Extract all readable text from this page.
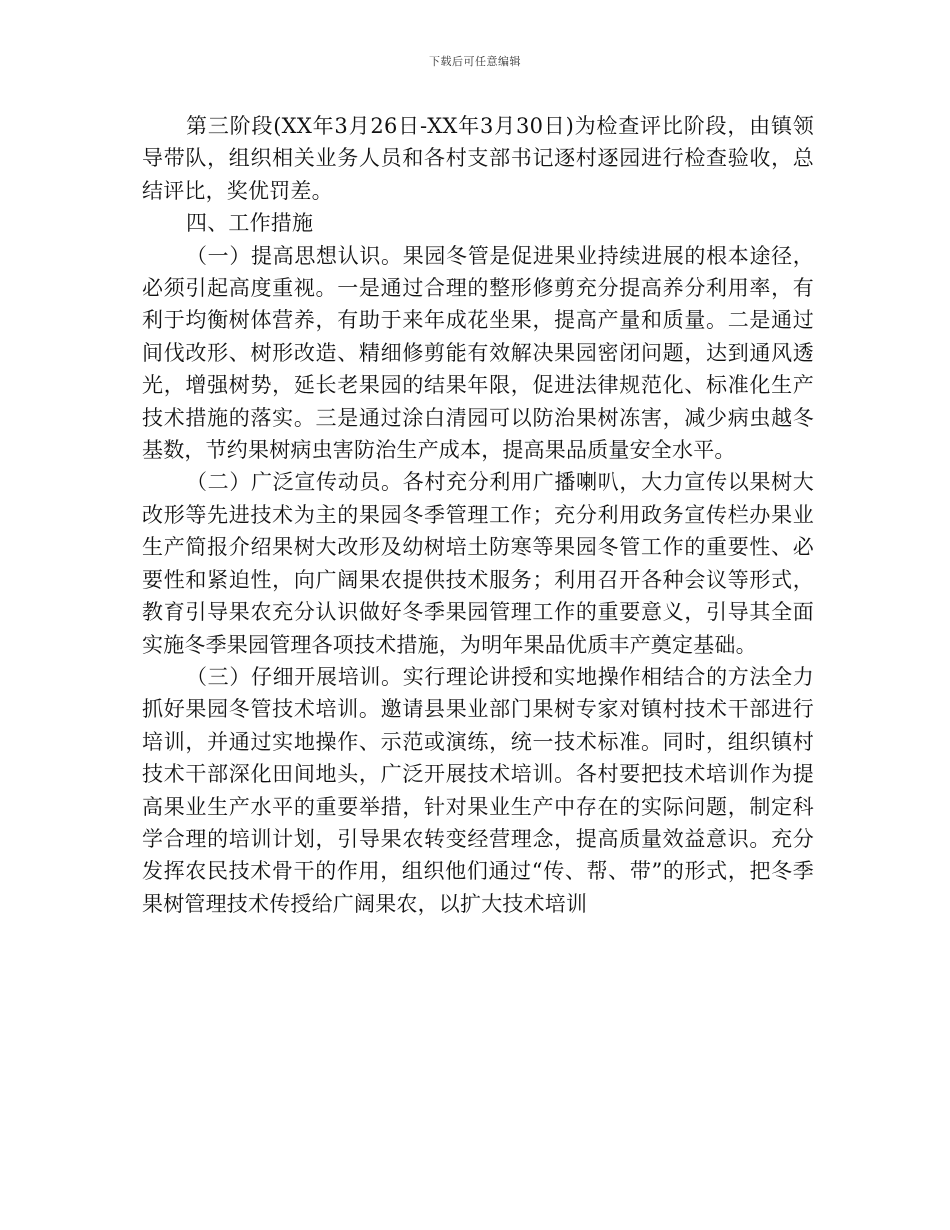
下载后可任意编辑

第三阶段(XX年3月26日-XX年3月30日)为检查评比阶段，由镇领导带队，组织相关业务人员和各村支部书记逐村逐园进行检查验收，总结评比，奖优罚差。

四、工作措施

（一）提高思想认识。果园冬管是促进果业持续进展的根本途径，必须引起高度重视。一是通过合理的整形修剪充分提高养分利用率，有利于均衡树体营养，有助于来年成花坐果，提高产量和质量。二是通过间伐改形、树形改造、精细修剪能有效解决果园密闭问题，达到通风透光，增强树势，延长老果园的结果年限，促进法律规范化、标准化生产技术措施的落实。三是通过涂白清园可以防治果树冻害，减少病虫越冬基数，节约果树病虫害防治生产成本，提高果品质量安全水平。

（二）广泛宣传动员。各村充分利用广播喇叭，大力宣传以果树大改形等先进技术为主的果园冬季管理工作；充分利用政务宣传栏办果业生产简报介绍果树大改形及幼树培土防寒等果园冬管工作的重要性、必要性和紧迫性，向广阔果农提供技术服务；利用召开各种会议等形式，教育引导果农充分认识做好冬季果园管理工作的重要意义，引导其全面实施冬季果园管理各项技术措施，为明年果品优质丰产奠定基础。

（三）仔细开展培训。实行理论讲授和实地操作相结合的方法全力抓好果园冬管技术培训。邀请县果业部门果树专家对镇村技术干部进行培训，并通过实地操作、示范或演练，统一技术标准。同时，组织镇村技术干部深化田间地头，广泛开展技术培训。各村要把技术培训作为提高果业生产水平的重要举措，针对果业生产中存在的实际问题，制定科学合理的培训计划，引导果农转变经营理念，提高质量效益意识。充分发挥农民技术骨干的作用，组织他们通过“传、帮、带”的形式，把冬季果树管理技术传授给广阔果农，以扩大技术培训
